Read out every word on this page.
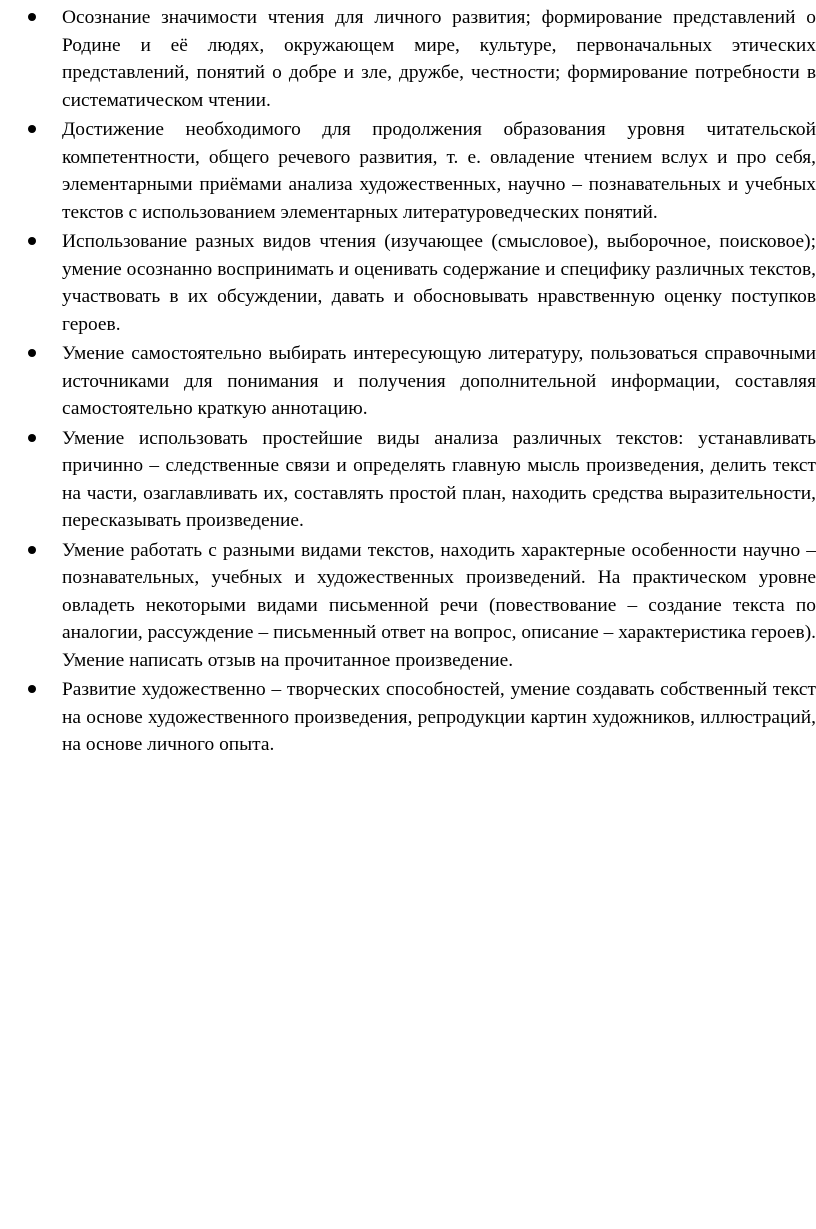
Осознание значимости чтения для личного развития; формирование представлений о Родине и её людях, окружающем мире, культуре, первоначальных этических представлений, понятий о добре и зле, дружбе, честности; формирование потребности в систематическом чтении.
Достижение необходимого для продолжения образования уровня читательской компетентности, общего речевого развития, т. е. овладение чтением вслух и про себя, элементарными приёмами анализа художественных, научно – познавательных и учебных текстов с использованием элементарных литературоведческих понятий.
Использование разных видов чтения (изучающее (смысловое), выборочное, поисковое); умение осознанно воспринимать и оценивать содержание и специфику различных текстов, участвовать в их обсуждении, давать и обосновывать нравственную оценку поступков героев.
Умение самостоятельно выбирать интересующую литературу, пользоваться справочными источниками для понимания и получения дополнительной информации, составляя самостоятельно краткую аннотацию.
Умение использовать простейшие виды анализа различных текстов: устанавливать причинно – следственные связи и определять главную мысль произведения, делить текст на части, озаглавливать их, составлять простой план, находить средства выразительности, пересказывать произведение.
Умение работать с разными видами текстов, находить характерные особенности научно – познавательных, учебных и художественных произведений. На практическом уровне овладеть некоторыми видами письменной речи (повествование – создание текста по аналогии, рассуждение – письменный ответ на вопрос, описание – характеристика героев). Умение написать отзыв на прочитанное произведение.
Развитие художественно – творческих способностей, умение создавать собственный текст на основе художественного произведения, репродукции картин художников, иллюстраций, на основе личного опыта.
